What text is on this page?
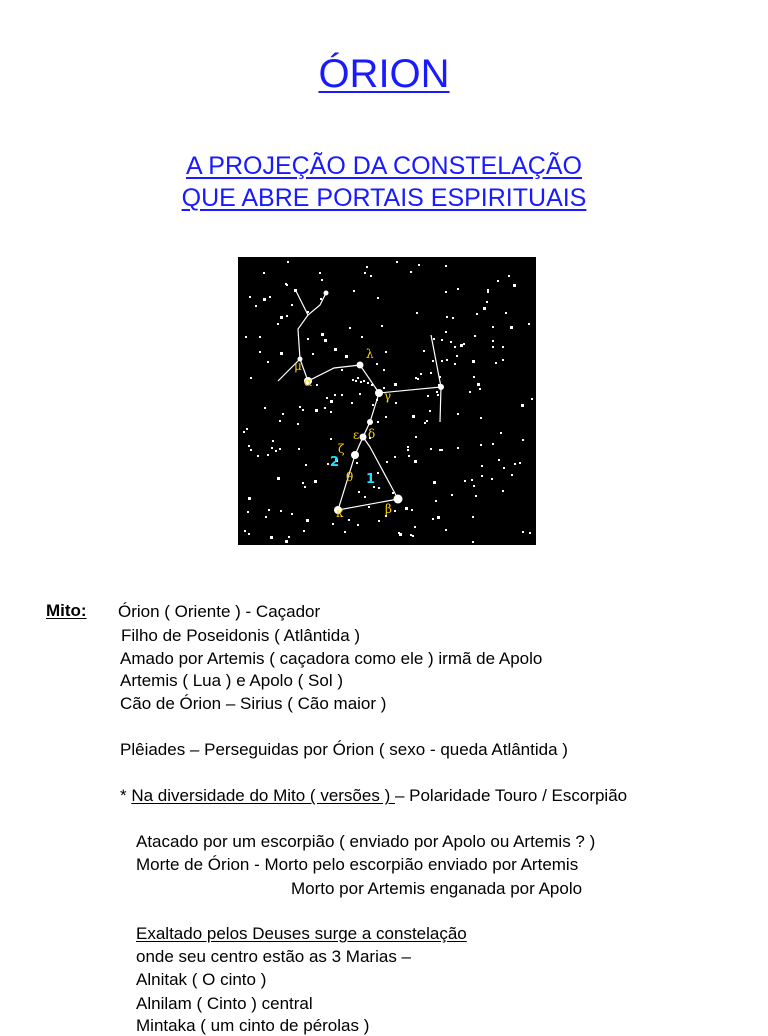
ÓRION
A PROJEÇÃO DA CONSTELAÇÃO
QUE ABRE PORTAIS ESPIRITUAIS
μ
λ
α
γ
ε δ
ζ
θ
κ	β
2
1
Mito: Órion ( Oriente ) - Caçador
Filho de Poseidonis ( Atlântida )
Amado por Artemis ( caçadora como ele ) irmã de Apolo
Artemis ( Lua ) e Apolo ( Sol )
Cão de Órion – Sirius ( Cão maior )
Plêiades – Perseguidas por Órion ( sexo - queda Atlântida )
* Na diversidade do Mito ( versões ) – Polaridade Touro / Escorpião
Atacado por um escorpião ( enviado por Apolo ou Artemis ? )
Morte de Órion - Morto pelo escorpião enviado por Artemis
Morto por Artemis enganada por Apolo
Exaltado pelos Deuses surge a constelação
onde seu centro estão as 3 Marias –
Alnitak ( O cinto )
Alnilam ( Cinto ) central
Mintaka ( um cinto de pérolas )
